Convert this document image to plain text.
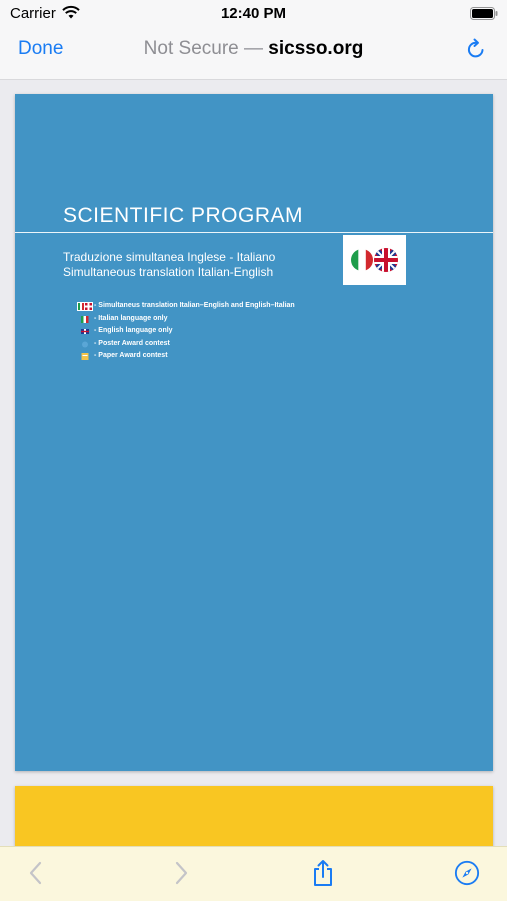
Carrier	12:40 PM
Done	Not Secure — sicsso.org
SCIENTIFIC PROGRAM
Traduzione simultanea Inglese - Italiano
Simultaneous translation Italian-English
- Simultaneus translation Italian–English and English–Italian
- Italian language only
- English language only
- Poster Award contest
- Paper Award contest
